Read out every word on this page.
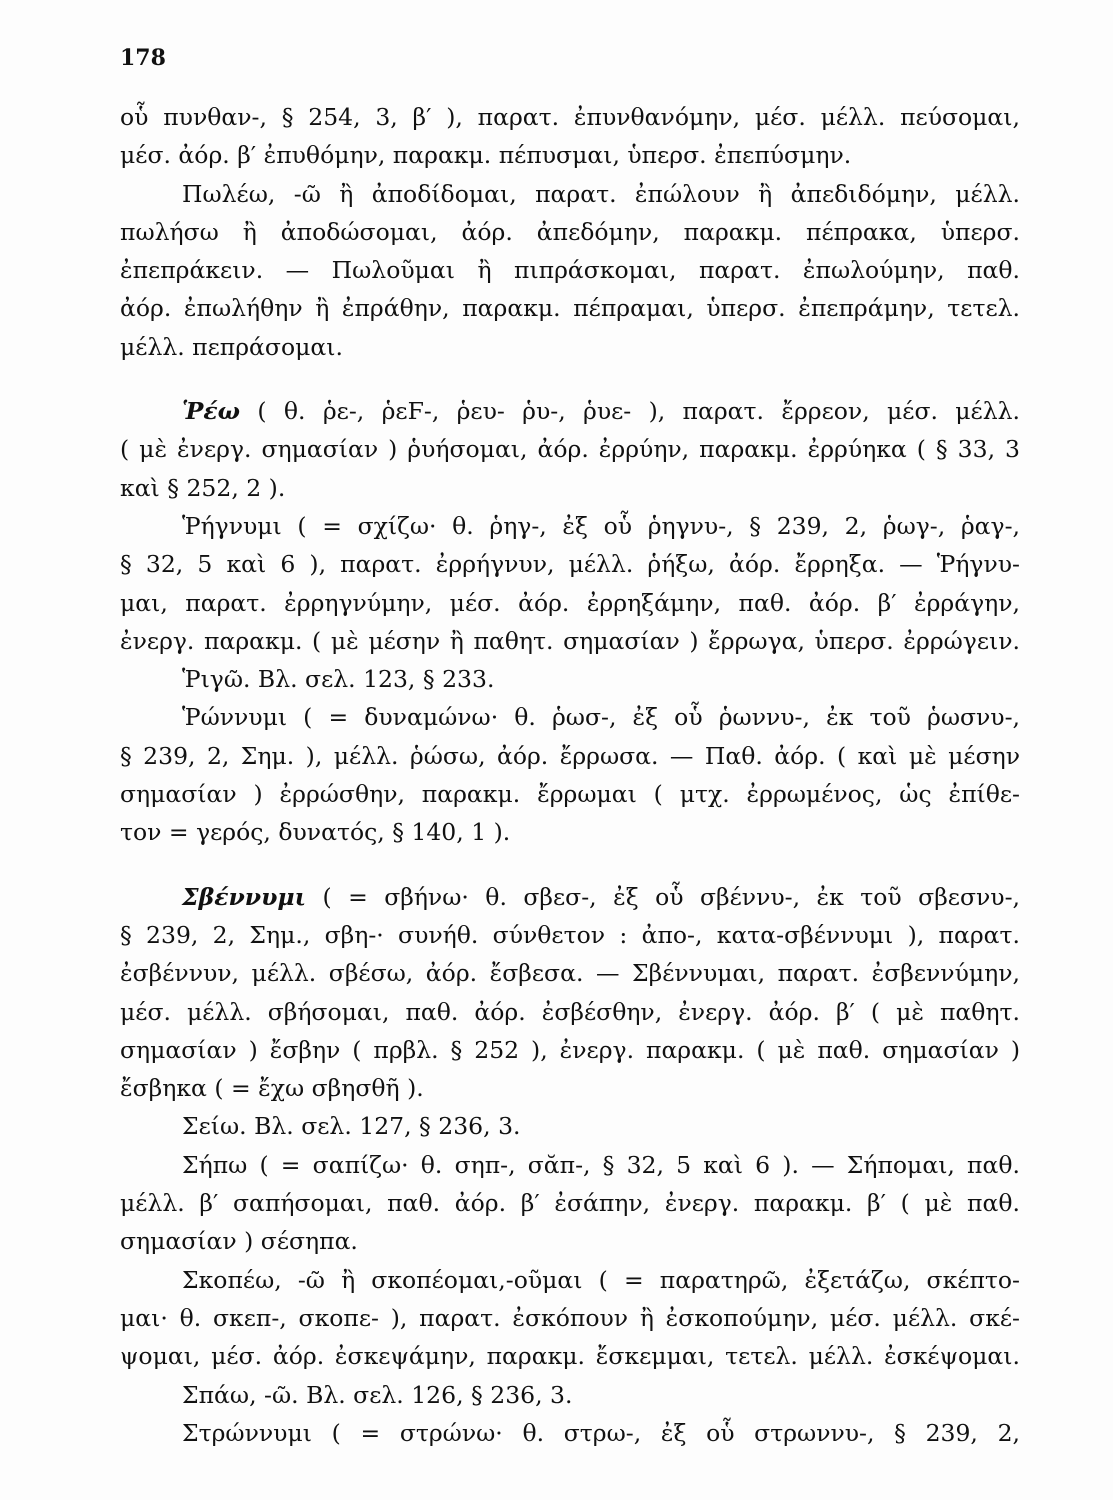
178
οὗ πυνθαν-, § 254, 3, β′ ), παρατ. ἐπυνθανόμην, μέσ. μέλλ. πεύσομαι,
μέσ. ἀόρ. β′ ἐπυθόμην, παρακμ. πέπυσμαι, ὑπερσ. ἐπεπύσμην.
Πωλέω, -ῶ ἢ ἀποδίδομαι, παρατ. ἐπώλουν ἢ ἀπεδιδόμην, μέλλ.
πωλήσω ἢ ἀποδώσομαι, ἀόρ. ἀπεδόμην, παρακμ. πέπρακα, ὑπερσ.
ἐπεπράκειν. — Πωλοῦμαι ἢ πιπράσκομαι, παρατ. ἐπωλούμην, παθ.
ἀόρ. ἐπωλήθην ἢ ἐπράθην, παρακμ. πέπραμαι, ὑπερσ. ἐπεπράμην, τετελ.
μέλλ. πεπράσομαι.
Ῥέω ( θ. ῥε-, ῥεϜ-, ῥευ- ῥυ-, ῥυε- ), παρατ. ἔρρεον, μέσ. μέλλ.
( μὲ ἐνεργ. σημασίαν ) ῥυήσομαι, ἀόρ. ἐρρύην, παρακμ. ἐρρύηκα ( § 33, 3
καὶ § 252, 2 ).
Ῥήγνυμι ( = σχίζω· θ. ῥηγ-, ἐξ οὗ ῥηγνυ-, § 239, 2, ῥωγ-, ῥαγ-,
§ 32, 5 καὶ 6 ), παρατ. ἐρρήγνυν, μέλλ. ῥήξω, ἀόρ. ἔρρηξα. — Ῥήγνυ-
μαι, παρατ. ἐρρηγνύμην, μέσ. ἀόρ. ἐρρηξάμην, παθ. ἀόρ. β′ ἐρράγην,
ἐνεργ. παρακμ. ( μὲ μέσην ἢ παθητ. σημασίαν ) ἔρρωγα, ὑπερσ. ἐρρώγειν.
Ῥιγῶ. Βλ. σελ. 123, § 233.
Ῥώννυμι ( = δυναμώνω· θ. ῥωσ-, ἐξ οὗ ῥωννυ-, ἐκ τοῦ ῥωσνυ-,
§ 239, 2, Σημ. ), μέλλ. ῥώσω, ἀόρ. ἔρρωσα. — Παθ. ἀόρ. ( καὶ μὲ μέσην
σημασίαν ) ἐρρώσθην, παρακμ. ἔρρωμαι ( μτχ. ἐρρωμένος, ὡς ἐπίθε-
τον = γερός, δυνατός, § 140, 1 ).
Σβέννυμι ( = σβήνω· θ. σβεσ-, ἐξ οὗ σβέννυ-, ἐκ τοῦ σβεσνυ-,
§ 239, 2, Σημ., σβη-· συνήθ. σύνθετον : ἀπο-, κατα-σβέννυμι ), παρατ.
ἐσβέννυν, μέλλ. σβέσω, ἀόρ. ἔσβεσα. — Σβέννυμαι, παρατ. ἐσβεννύμην,
μέσ. μέλλ. σβήσομαι, παθ. ἀόρ. ἐσβέσθην, ἐνεργ. ἀόρ. β′ ( μὲ παθητ.
σημασίαν ) ἔσβην ( πρβλ. § 252 ), ἐνεργ. παρακμ. ( μὲ παθ. σημασίαν )
ἔσβηκα ( = ἔχω σβησθῆ ).
Σείω. Βλ. σελ. 127, § 236, 3.
Σήπω ( = σαπίζω· θ. σηπ-, σᾰπ-, § 32, 5 καὶ 6 ). — Σήπομαι, παθ.
μέλλ. β′ σαπήσομαι, παθ. ἀόρ. β′ ἐσάπην, ἐνεργ. παρακμ. β′ ( μὲ παθ.
σημασίαν ) σέσηπα.
Σκοπέω, -ῶ ἢ σκοπέομαι,-οῦμαι ( = παρατηρῶ, ἐξετάζω, σκέπτο-
μαι· θ. σκεπ-, σκοπε- ), παρατ. ἐσκόπουν ἢ ἐσκοπούμην, μέσ. μέλλ. σκέ-
ψομαι, μέσ. ἀόρ. ἐσκεψάμην, παρακμ. ἔσκεμμαι, τετελ. μέλλ. ἐσκέψομαι.
Σπάω, -ῶ. Βλ. σελ. 126, § 236, 3.
Στρώννυμι ( = στρώνω· θ. στρω-, ἐξ οὗ στρωννυ-, § 239, 2,
